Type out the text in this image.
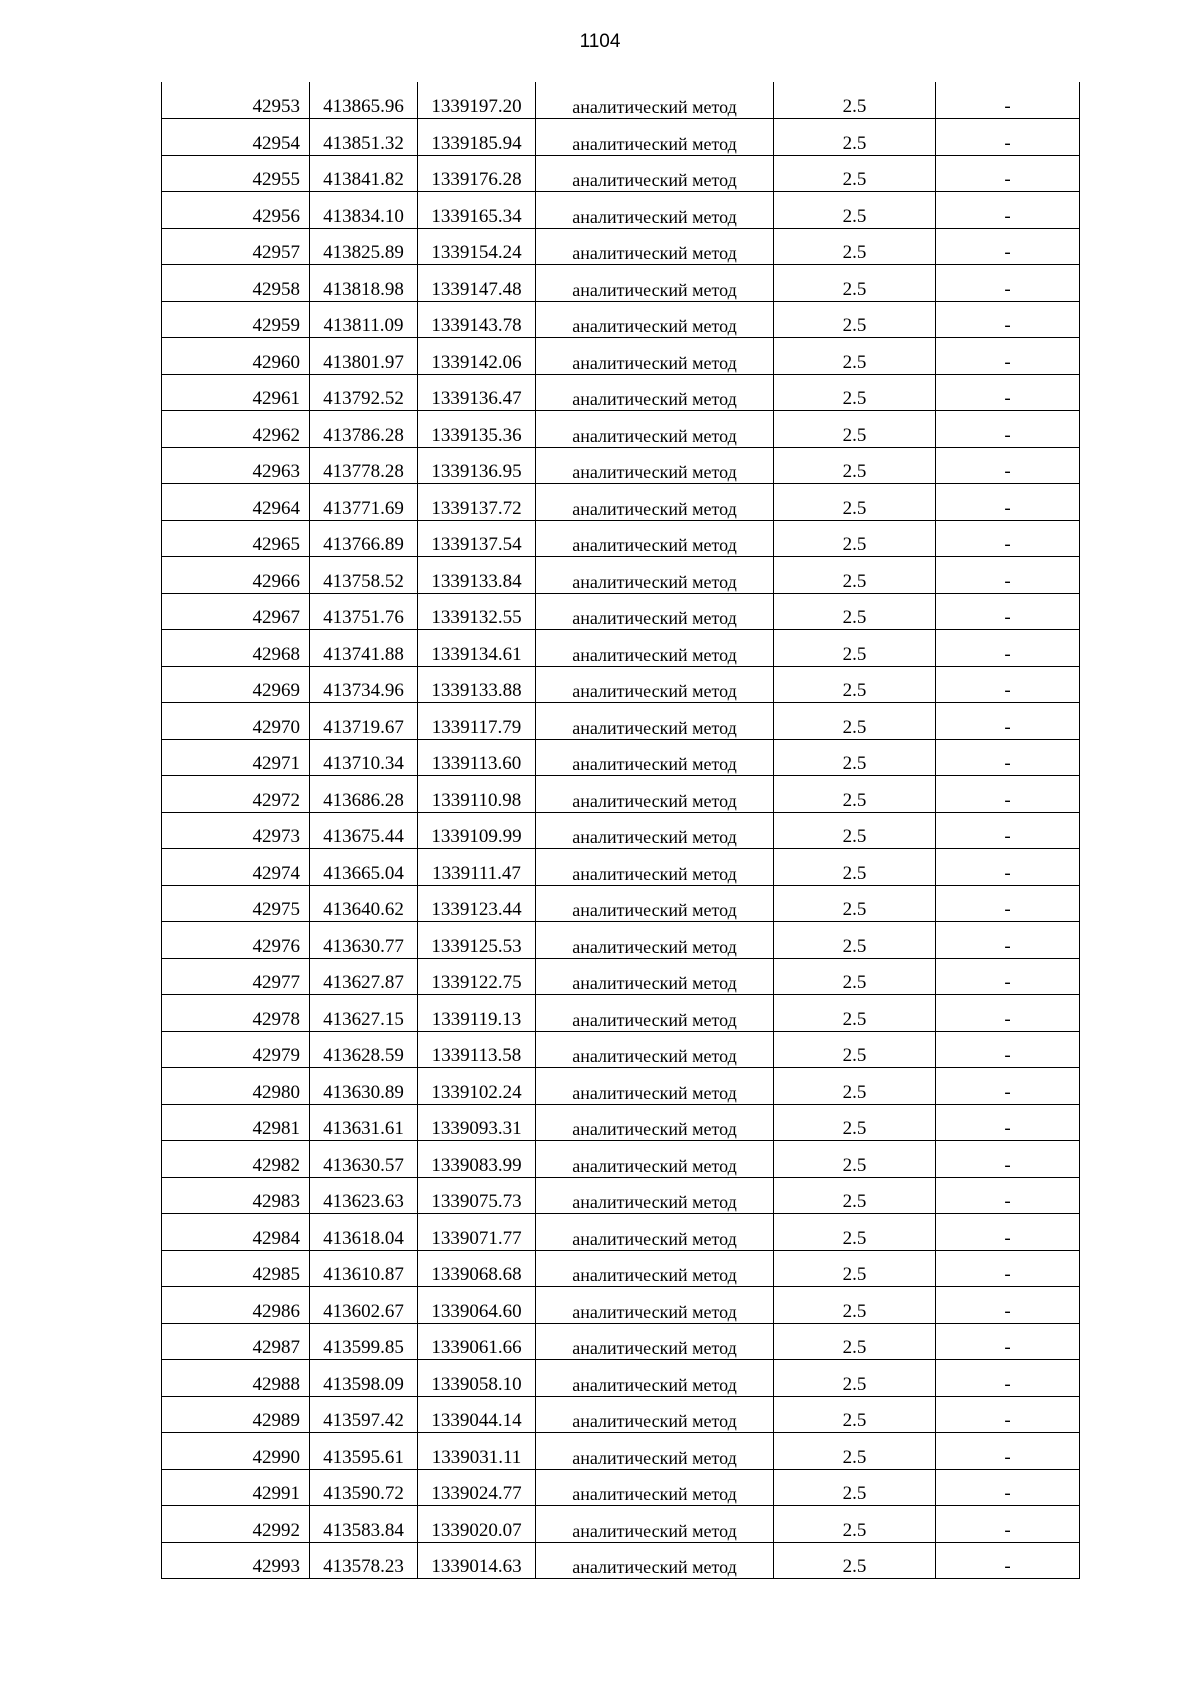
1104
42953	413865.96	1339197.20	аналитический метод	2.5	-
42954	413851.32	1339185.94	аналитический метод	2.5	-
42955	413841.82	1339176.28	аналитический метод	2.5	-
42956	413834.10	1339165.34	аналитический метод	2.5	-
42957	413825.89	1339154.24	аналитический метод	2.5	-
42958	413818.98	1339147.48	аналитический метод	2.5	-
42959	413811.09	1339143.78	аналитический метод	2.5	-
42960	413801.97	1339142.06	аналитический метод	2.5	-
42961	413792.52	1339136.47	аналитический метод	2.5	-
42962	413786.28	1339135.36	аналитический метод	2.5	-
42963	413778.28	1339136.95	аналитический метод	2.5	-
42964	413771.69	1339137.72	аналитический метод	2.5	-
42965	413766.89	1339137.54	аналитический метод	2.5	-
42966	413758.52	1339133.84	аналитический метод	2.5	-
42967	413751.76	1339132.55	аналитический метод	2.5	-
42968	413741.88	1339134.61	аналитический метод	2.5	-
42969	413734.96	1339133.88	аналитический метод	2.5	-
42970	413719.67	1339117.79	аналитический метод	2.5	-
42971	413710.34	1339113.60	аналитический метод	2.5	-
42972	413686.28	1339110.98	аналитический метод	2.5	-
42973	413675.44	1339109.99	аналитический метод	2.5	-
42974	413665.04	1339111.47	аналитический метод	2.5	-
42975	413640.62	1339123.44	аналитический метод	2.5	-
42976	413630.77	1339125.53	аналитический метод	2.5	-
42977	413627.87	1339122.75	аналитический метод	2.5	-
42978	413627.15	1339119.13	аналитический метод	2.5	-
42979	413628.59	1339113.58	аналитический метод	2.5	-
42980	413630.89	1339102.24	аналитический метод	2.5	-
42981	413631.61	1339093.31	аналитический метод	2.5	-
42982	413630.57	1339083.99	аналитический метод	2.5	-
42983	413623.63	1339075.73	аналитический метод	2.5	-
42984	413618.04	1339071.77	аналитический метод	2.5	-
42985	413610.87	1339068.68	аналитический метод	2.5	-
42986	413602.67	1339064.60	аналитический метод	2.5	-
42987	413599.85	1339061.66	аналитический метод	2.5	-
42988	413598.09	1339058.10	аналитический метод	2.5	-
42989	413597.42	1339044.14	аналитический метод	2.5	-
42990	413595.61	1339031.11	аналитический метод	2.5	-
42991	413590.72	1339024.77	аналитический метод	2.5	-
42992	413583.84	1339020.07	аналитический метод	2.5	-
42993	413578.23	1339014.63	аналитический метод	2.5	-
